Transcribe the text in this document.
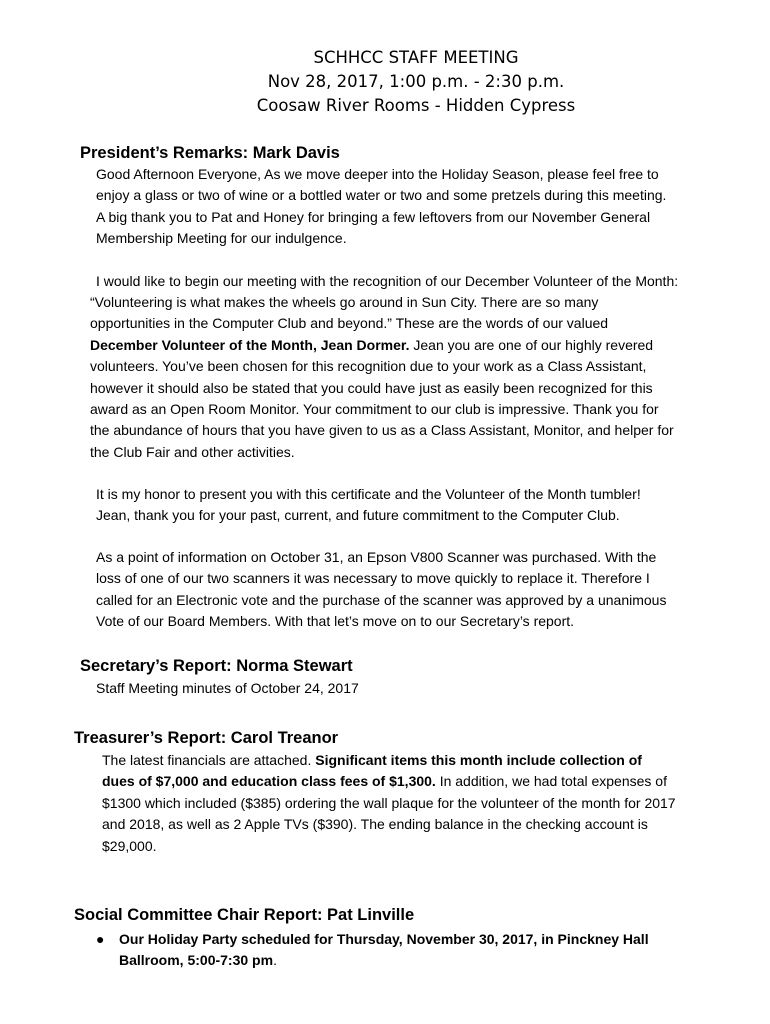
SCHHCC STAFF MEETING
Nov 28, 2017, 1:00 p.m. - 2:30 p.m.
Coosaw River Rooms - Hidden Cypress
President’s Remarks: Mark Davis
Good Afternoon Everyone, As we move deeper into the Holiday Season, please feel free to
enjoy a glass or two of wine or a bottled water or two and some pretzels during this meeting.
A big thank you to Pat and Honey for bringing a few leftovers from our November General
Membership Meeting for our indulgence.
I would like to begin our meeting with the recognition of our December Volunteer of the Month:
“Volunteering is what makes the wheels go around in Sun City. There are so many
opportunities in the Computer Club and beyond.” These are the words of our valued
December Volunteer of the Month, Jean Dormer. Jean you are one of our highly revered
volunteers. You’ve been chosen for this recognition due to your work as a Class Assistant,
however it should also be stated that you could have just as easily been recognized for this
award as an Open Room Monitor. Your commitment to our club is impressive. Thank you for
the abundance of hours that you have given to us as a Class Assistant, Monitor, and helper for
the Club Fair and other activities.
It is my honor to present you with this certificate and the Volunteer of the Month tumbler!
Jean, thank you for your past, current, and future commitment to the Computer Club.
As a point of information on October 31, an Epson V800 Scanner was purchased. With the
loss of one of our two scanners it was necessary to move quickly to replace it. Therefore I
called for an Electronic vote and the purchase of the scanner was approved by a unanimous
Vote of our Board Members. With that let’s move on to our Secretary’s report.
Secretary’s Report: Norma Stewart
Staff Meeting minutes of October 24, 2017
Treasurer’s Report: Carol Treanor
The latest financials are attached. Significant items this month include collection of
dues of $7,000 and education class fees of $1,300. In addition, we had total expenses of
$1300 which included ($385) ordering the wall plaque for the volunteer of the month for 2017
and 2018, as well as 2 Apple TVs ($390). The ending balance in the checking account is
$29,000.
Social Committee Chair Report: Pat Linville
● Our Holiday Party scheduled for Thursday, November 30, 2017, in Pinckney Hall
Ballroom, 5:00-7:30 pm.
